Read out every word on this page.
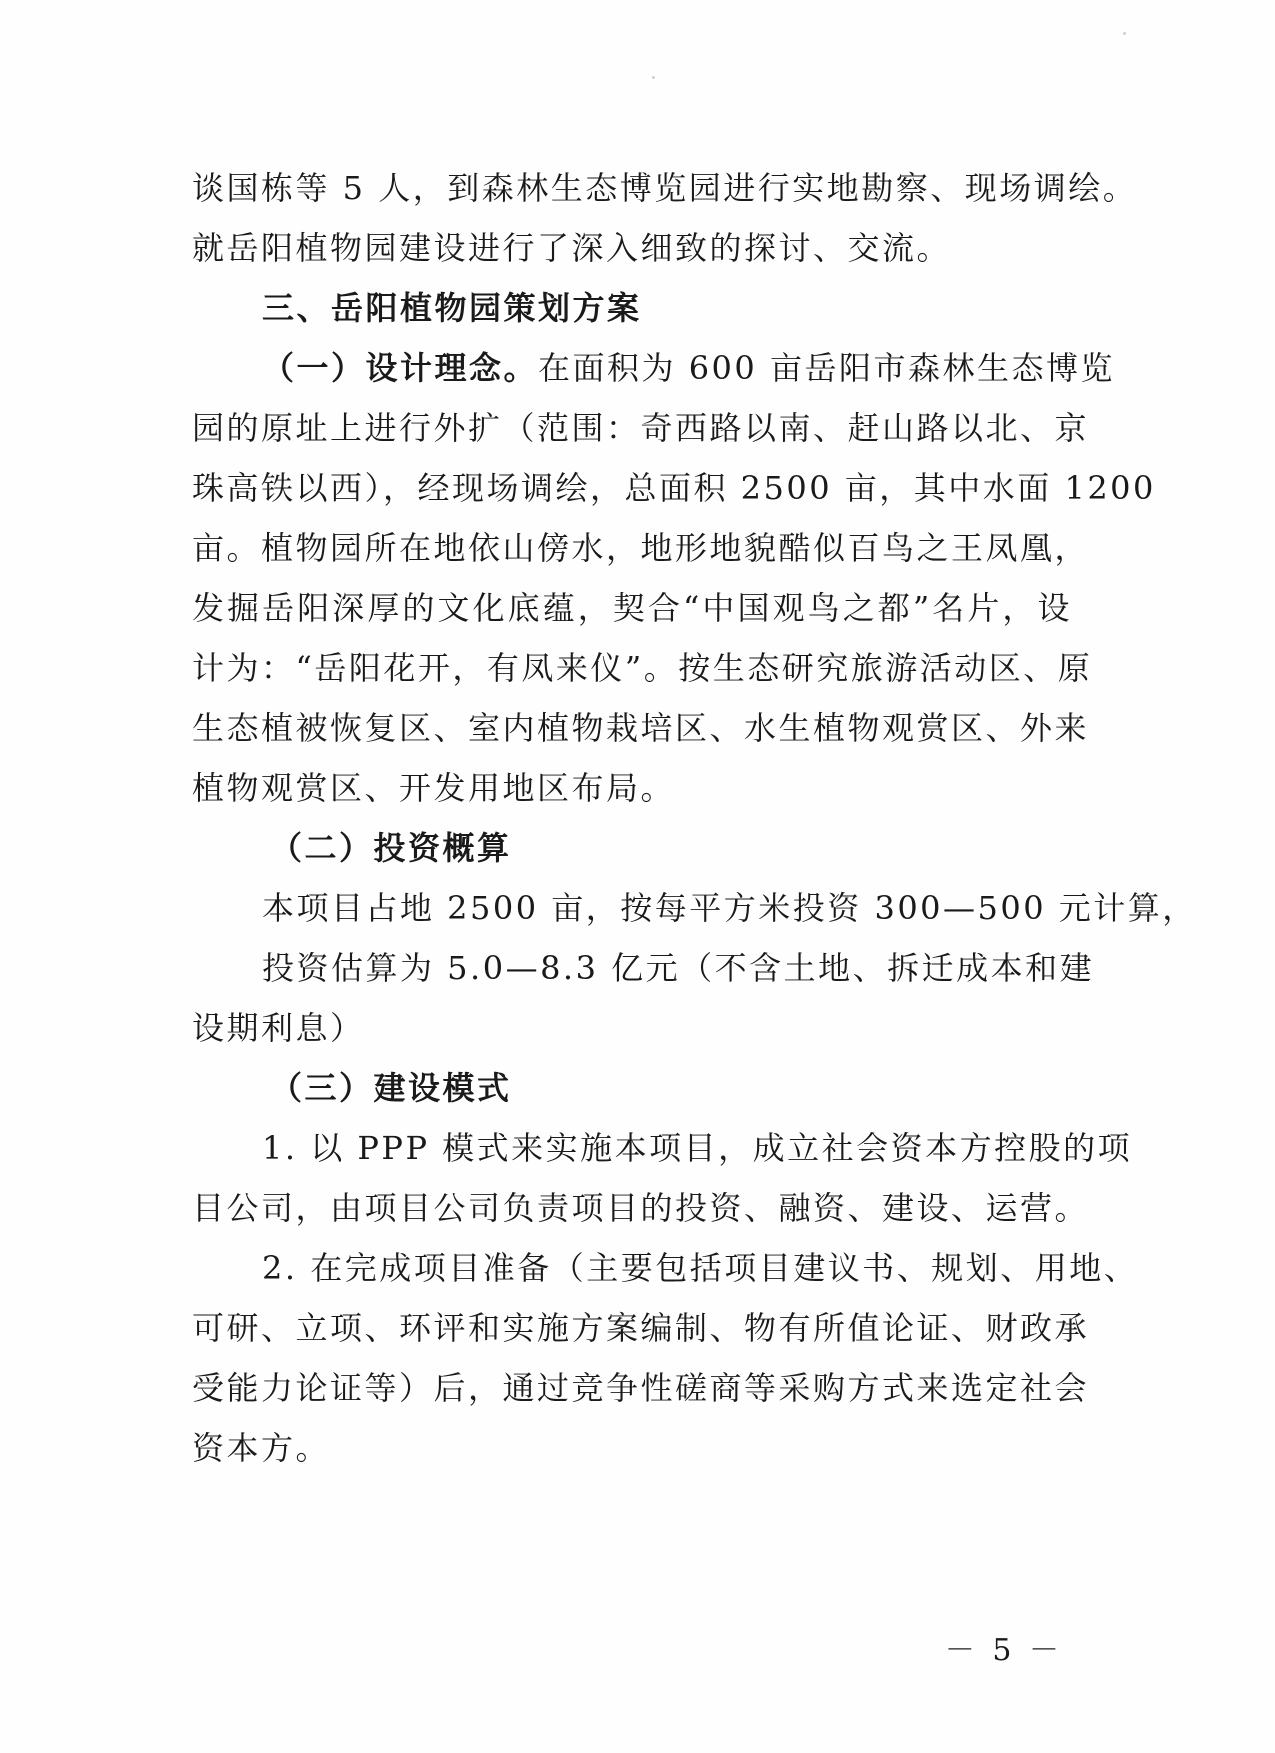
谈国栋等 5 人，到森林生态博览园进行实地勘察、现场调绘。
就岳阳植物园建设进行了深入细致的探讨、交流。
三、岳阳植物园策划方案
（一）设计理念。在面积为 600 亩岳阳市森林生态博览
园的原址上进行外扩（范围：奇西路以南、赶山路以北、京
珠高铁以西），经现场调绘，总面积 2500 亩，其中水面 1200
亩。植物园所在地依山傍水，地形地貌酷似百鸟之王凤凰，
发掘岳阳深厚的文化底蕴，契合“中国观鸟之都”名片，设
计为：“岳阳花开，有凤来仪”。按生态研究旅游活动区、原
生态植被恢复区、室内植物栽培区、水生植物观赏区、外来
植物观赏区、开发用地区布局。
（二）投资概算
本项目占地 2500 亩，按每平方米投资 300—500 元计算，
投资估算为 5.0—8.3 亿元（不含土地、拆迁成本和建
设期利息）
（三）建设模式
1. 以 PPP 模式来实施本项目，成立社会资本方控股的项
目公司，由项目公司负责项目的投资、融资、建设、运营。
2. 在完成项目准备（主要包括项目建议书、规划、用地、
可研、立项、环评和实施方案编制、物有所值论证、财政承
受能力论证等）后，通过竞争性磋商等采购方式来选定社会
资本方。
－ 5 －
